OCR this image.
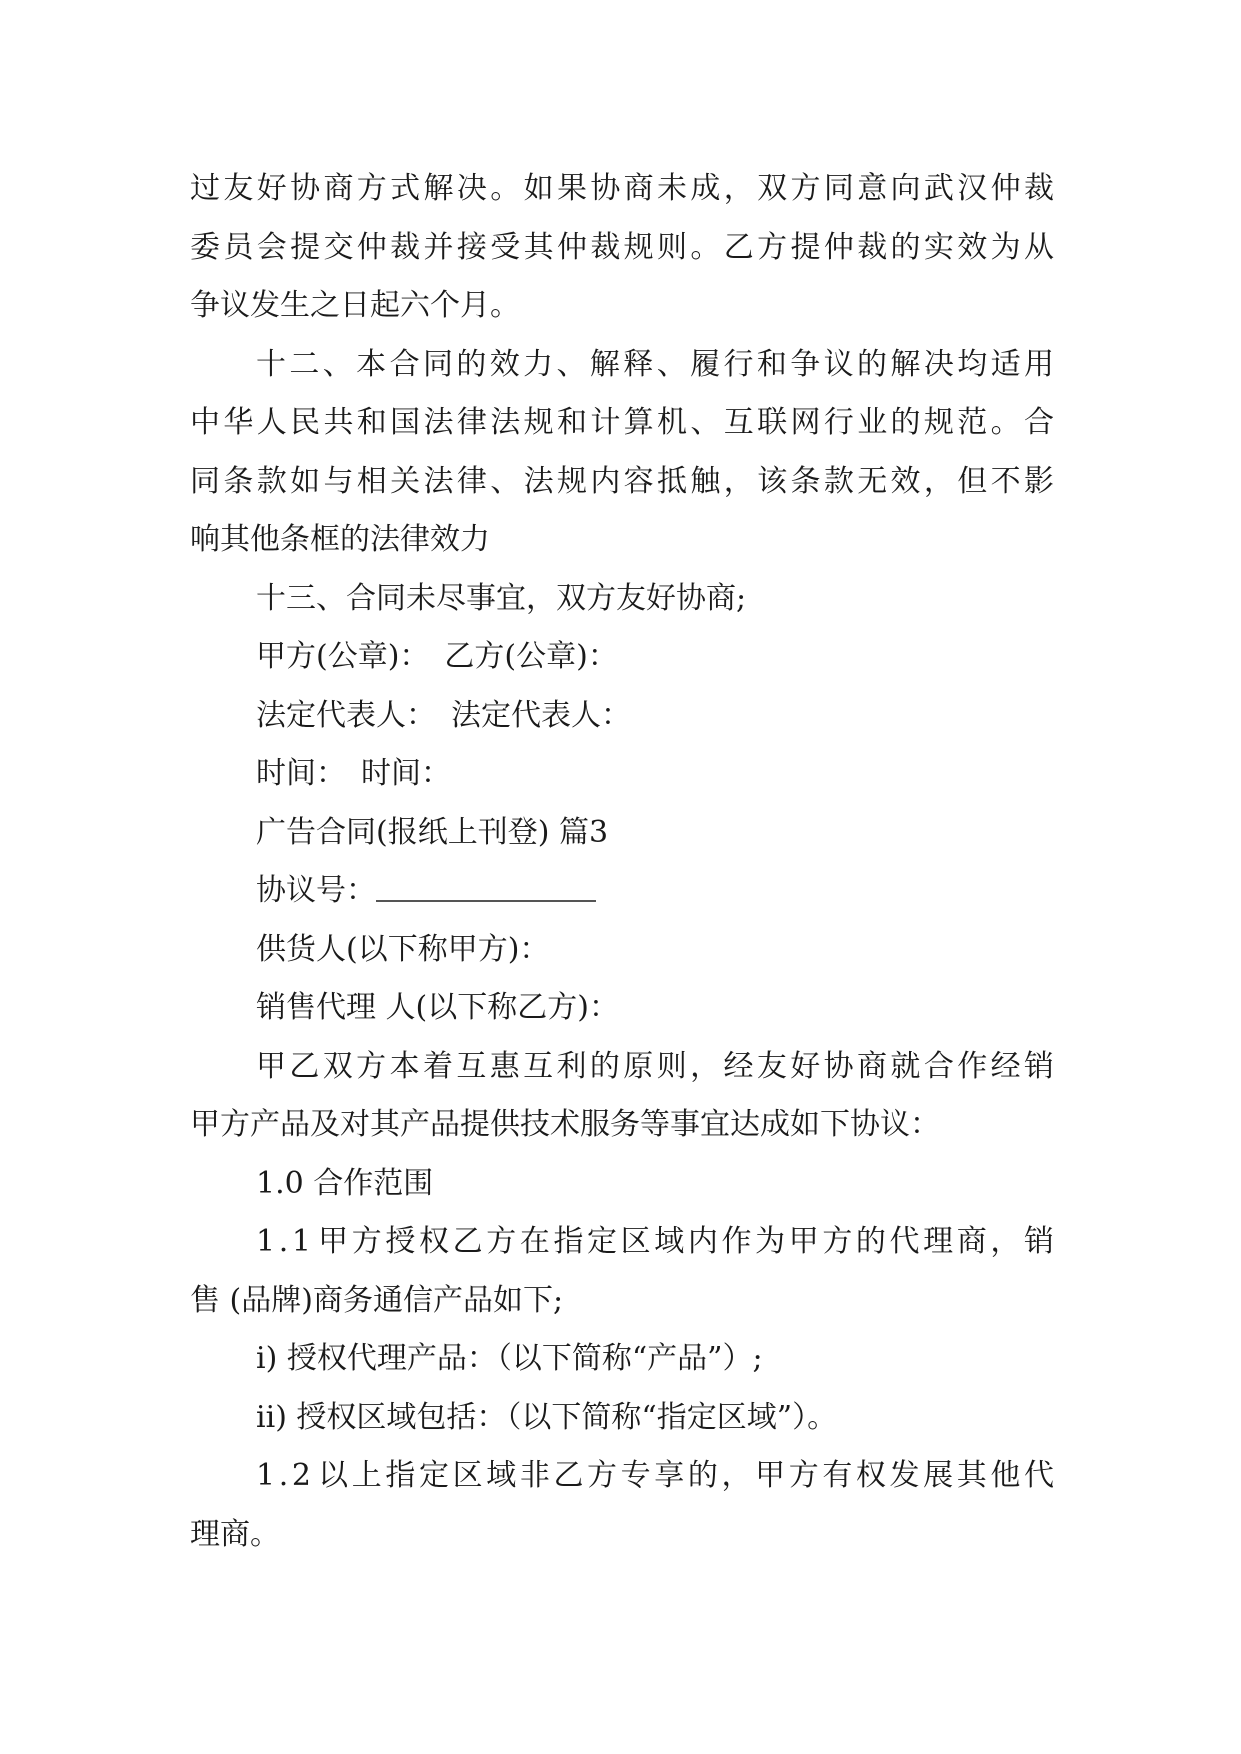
过 友 好 协 商 方 式 解 决 。 如 果 协 商 未 成 ， 双 方 同 意 向 武 汉 仲 裁
委 员 会 提 交 仲 裁 并 接 受 其 仲 裁 规 则 。 乙 方 提 仲 裁 的 实 效 为 从
争议发生之日起六个月。
十 二 、 本 合 同 的 效 力 、 解 释 、 履 行 和 争 议 的 解 决 均 适 用
中 华 人 民 共 和 国 法 律 法 规 和 计 算 机 、 互 联 网 行 业 的 规 范 。 合
同 条 款 如 与 相 关 法 律 、 法 规 内 容 抵 触 ， 该 条 款 无 效 ， 但 不 影
响其他条框的法律效力
十三、合同未尽事宜，双方友好协商;
甲方(公章)：　乙方(公章)：
法定代表人：　法定代表人：
时间：　时间：
广告合同(报纸上刊登) 篇3
协议号：
供货人(以下称甲方)：
销售代理 人(以下称乙方)：
甲 乙 双 方 本 着 互 惠 互 利 的 原 则 ， 经 友 好 协 商 就 合 作 经 销
甲方产品及对其产品提供技术服务等事宜达成如下协议：
1.0 合作范围
1 . 1 甲 方 授 权 乙 方 在 指 定 区 域 内 作 为 甲 方 的 代 理 商 ， 销
售 (品牌)商务通信产品如下;
i) 授权代理产品：（以下简称“产品”）;
ii) 授权区域包括：（以下简称“指定区域”）。
1 . 2 以 上 指 定 区 域 非 乙 方 专 享 的 ， 甲 方 有 权 发 展 其 他 代
理商。
